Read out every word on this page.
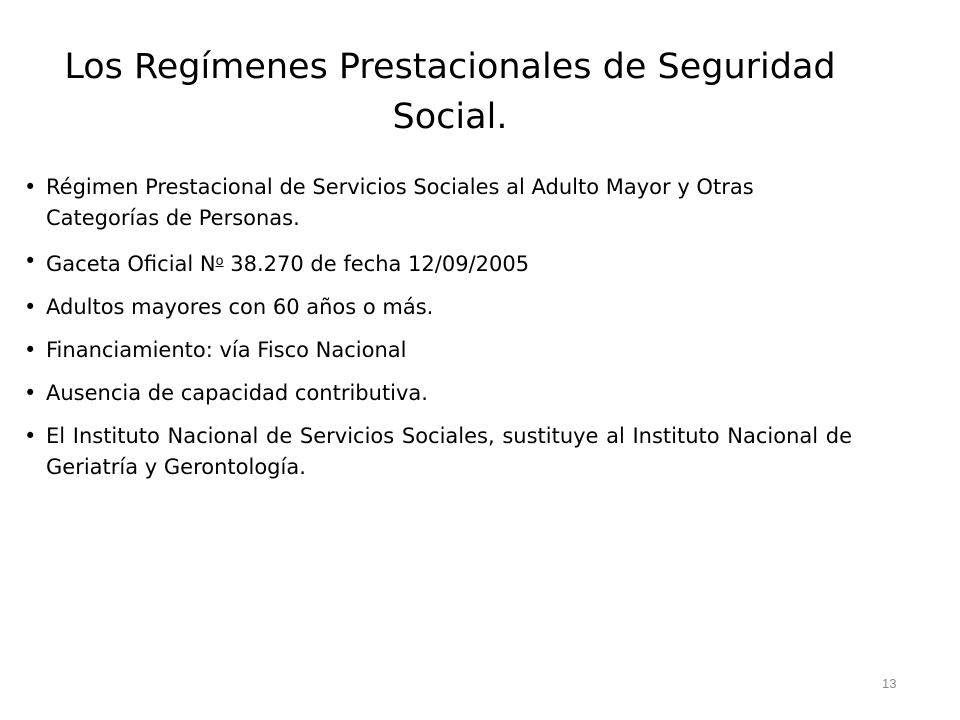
Los Regímenes Prestacionales de Seguridad
Social.
• Régimen Prestacional de Servicios Sociales al Adulto Mayor y Otras Categorías de Personas.
• Gaceta Oficial $N^o$ 38.270 de fecha 12/09/2005
• Adultos mayores con 60 años o más.
• Financiamiento: vía Fisco Nacional
• Ausencia de capacidad contributiva.
• El Instituto Nacional de Servicios Sociales, sustituye al Instituto Nacional de Geriatría y Gerontología.
13
